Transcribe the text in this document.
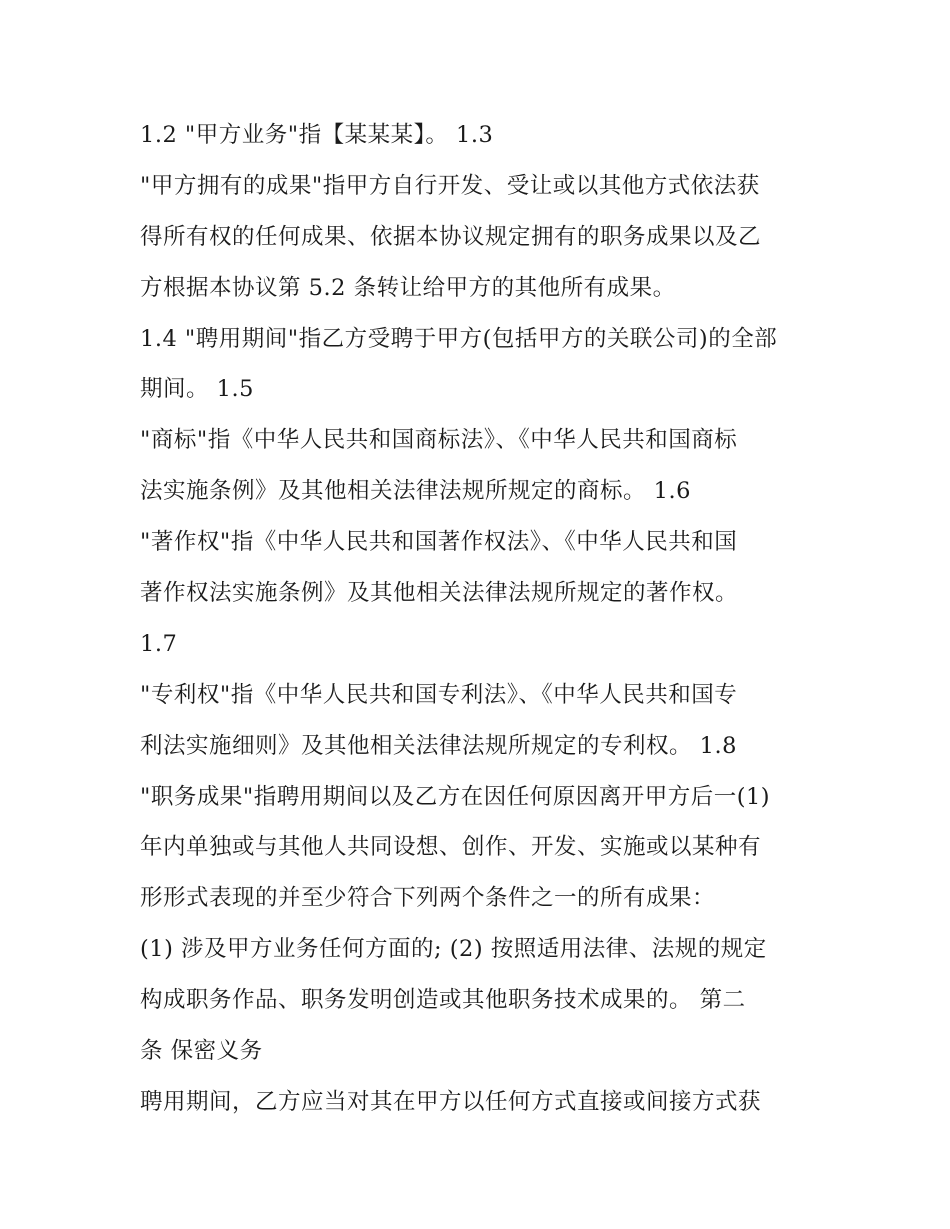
1.2 "甲方业务"指【某某某】。 1.3
"甲方拥有的成果"指甲方自行开发、受让或以其他方式依法获
得所有权的任何成果、依据本协议规定拥有的职务成果以及乙
方根据本协议第 5.2 条转让给甲方的其他所有成果。
1.4 "聘用期间"指乙方受聘于甲方(包括甲方的关联公司)的全部
期间。 1.5
"商标"指《中华人民共和国商标法》、《中华人民共和国商标
法实施条例》及其他相关法律法规所规定的商标。 1.6
"著作权"指《中华人民共和国著作权法》、《中华人民共和国
著作权法实施条例》及其他相关法律法规所规定的著作权。
1.7
"专利权"指《中华人民共和国专利法》、《中华人民共和国专
利法实施细则》及其他相关法律法规所规定的专利权。 1.8
"职务成果"指聘用期间以及乙方在因任何原因离开甲方后一(1)
年内单独或与其他人共同设想、创作、开发、实施或以某种有
形形式表现的并至少符合下列两个条件之一的所有成果：
(1) 涉及甲方业务任何方面的; (2) 按照适用法律、法规的规定
构成职务作品、职务发明创造或其他职务技术成果的。 第二
条 保密义务
聘用期间，乙方应当对其在甲方以任何方式直接或间接方式获
